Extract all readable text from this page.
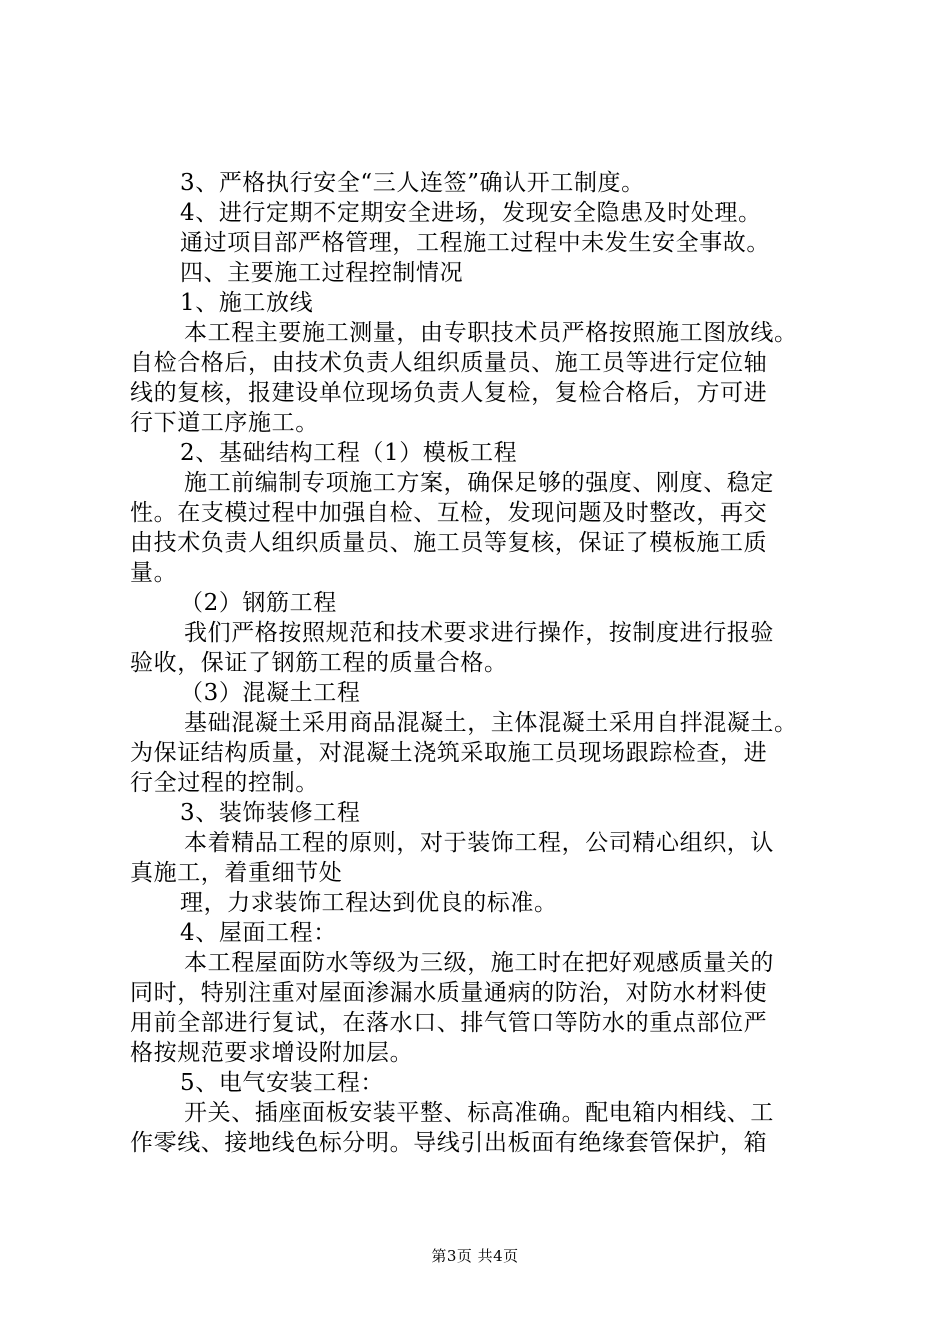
3、严格执行安全“三人连签”确认开工制度。
4、进行定期不定期安全进场，发现安全隐患及时处理。
通过项目部严格管理，工程施工过程中未发生安全事故。
四、主要施工过程控制情况
1、施工放线
本工程主要施工测量，由专职技术员严格按照施工图放线。
自检合格后，由技术负责人组织质量员、施工员等进行定位轴
线的复核，报建设单位现场负责人复检，复检合格后，方可进
行下道工序施工。
2、基础结构工程（1）模板工程
施工前编制专项施工方案，确保足够的强度、刚度、稳定
性。在支模过程中加强自检、互检，发现问题及时整改，再交
由技术负责人组织质量员、施工员等复核，保证了模板施工质
量。
（2）钢筋工程
我们严格按照规范和技术要求进行操作，按制度进行报验
验收，保证了钢筋工程的质量合格。
（3）混凝土工程
基础混凝土采用商品混凝土，主体混凝土采用自拌混凝土。
为保证结构质量，对混凝土浇筑采取施工员现场跟踪检查，进
行全过程的控制。
3、装饰装修工程
本着精品工程的原则，对于装饰工程，公司精心组织，认
真施工，着重细节处
理，力求装饰工程达到优良的标准。
4、屋面工程：
本工程屋面防水等级为三级，施工时在把好观感质量关的
同时，特别注重对屋面渗漏水质量通病的防治，对防水材料使
用前全部进行复试，在落水口、排气管口等防水的重点部位严
格按规范要求增设附加层。
5、电气安装工程：
开关、插座面板安装平整、标高准确。配电箱内相线、工
作零线、接地线色标分明。导线引出板面有绝缘套管保护，箱
第3页 共4页
